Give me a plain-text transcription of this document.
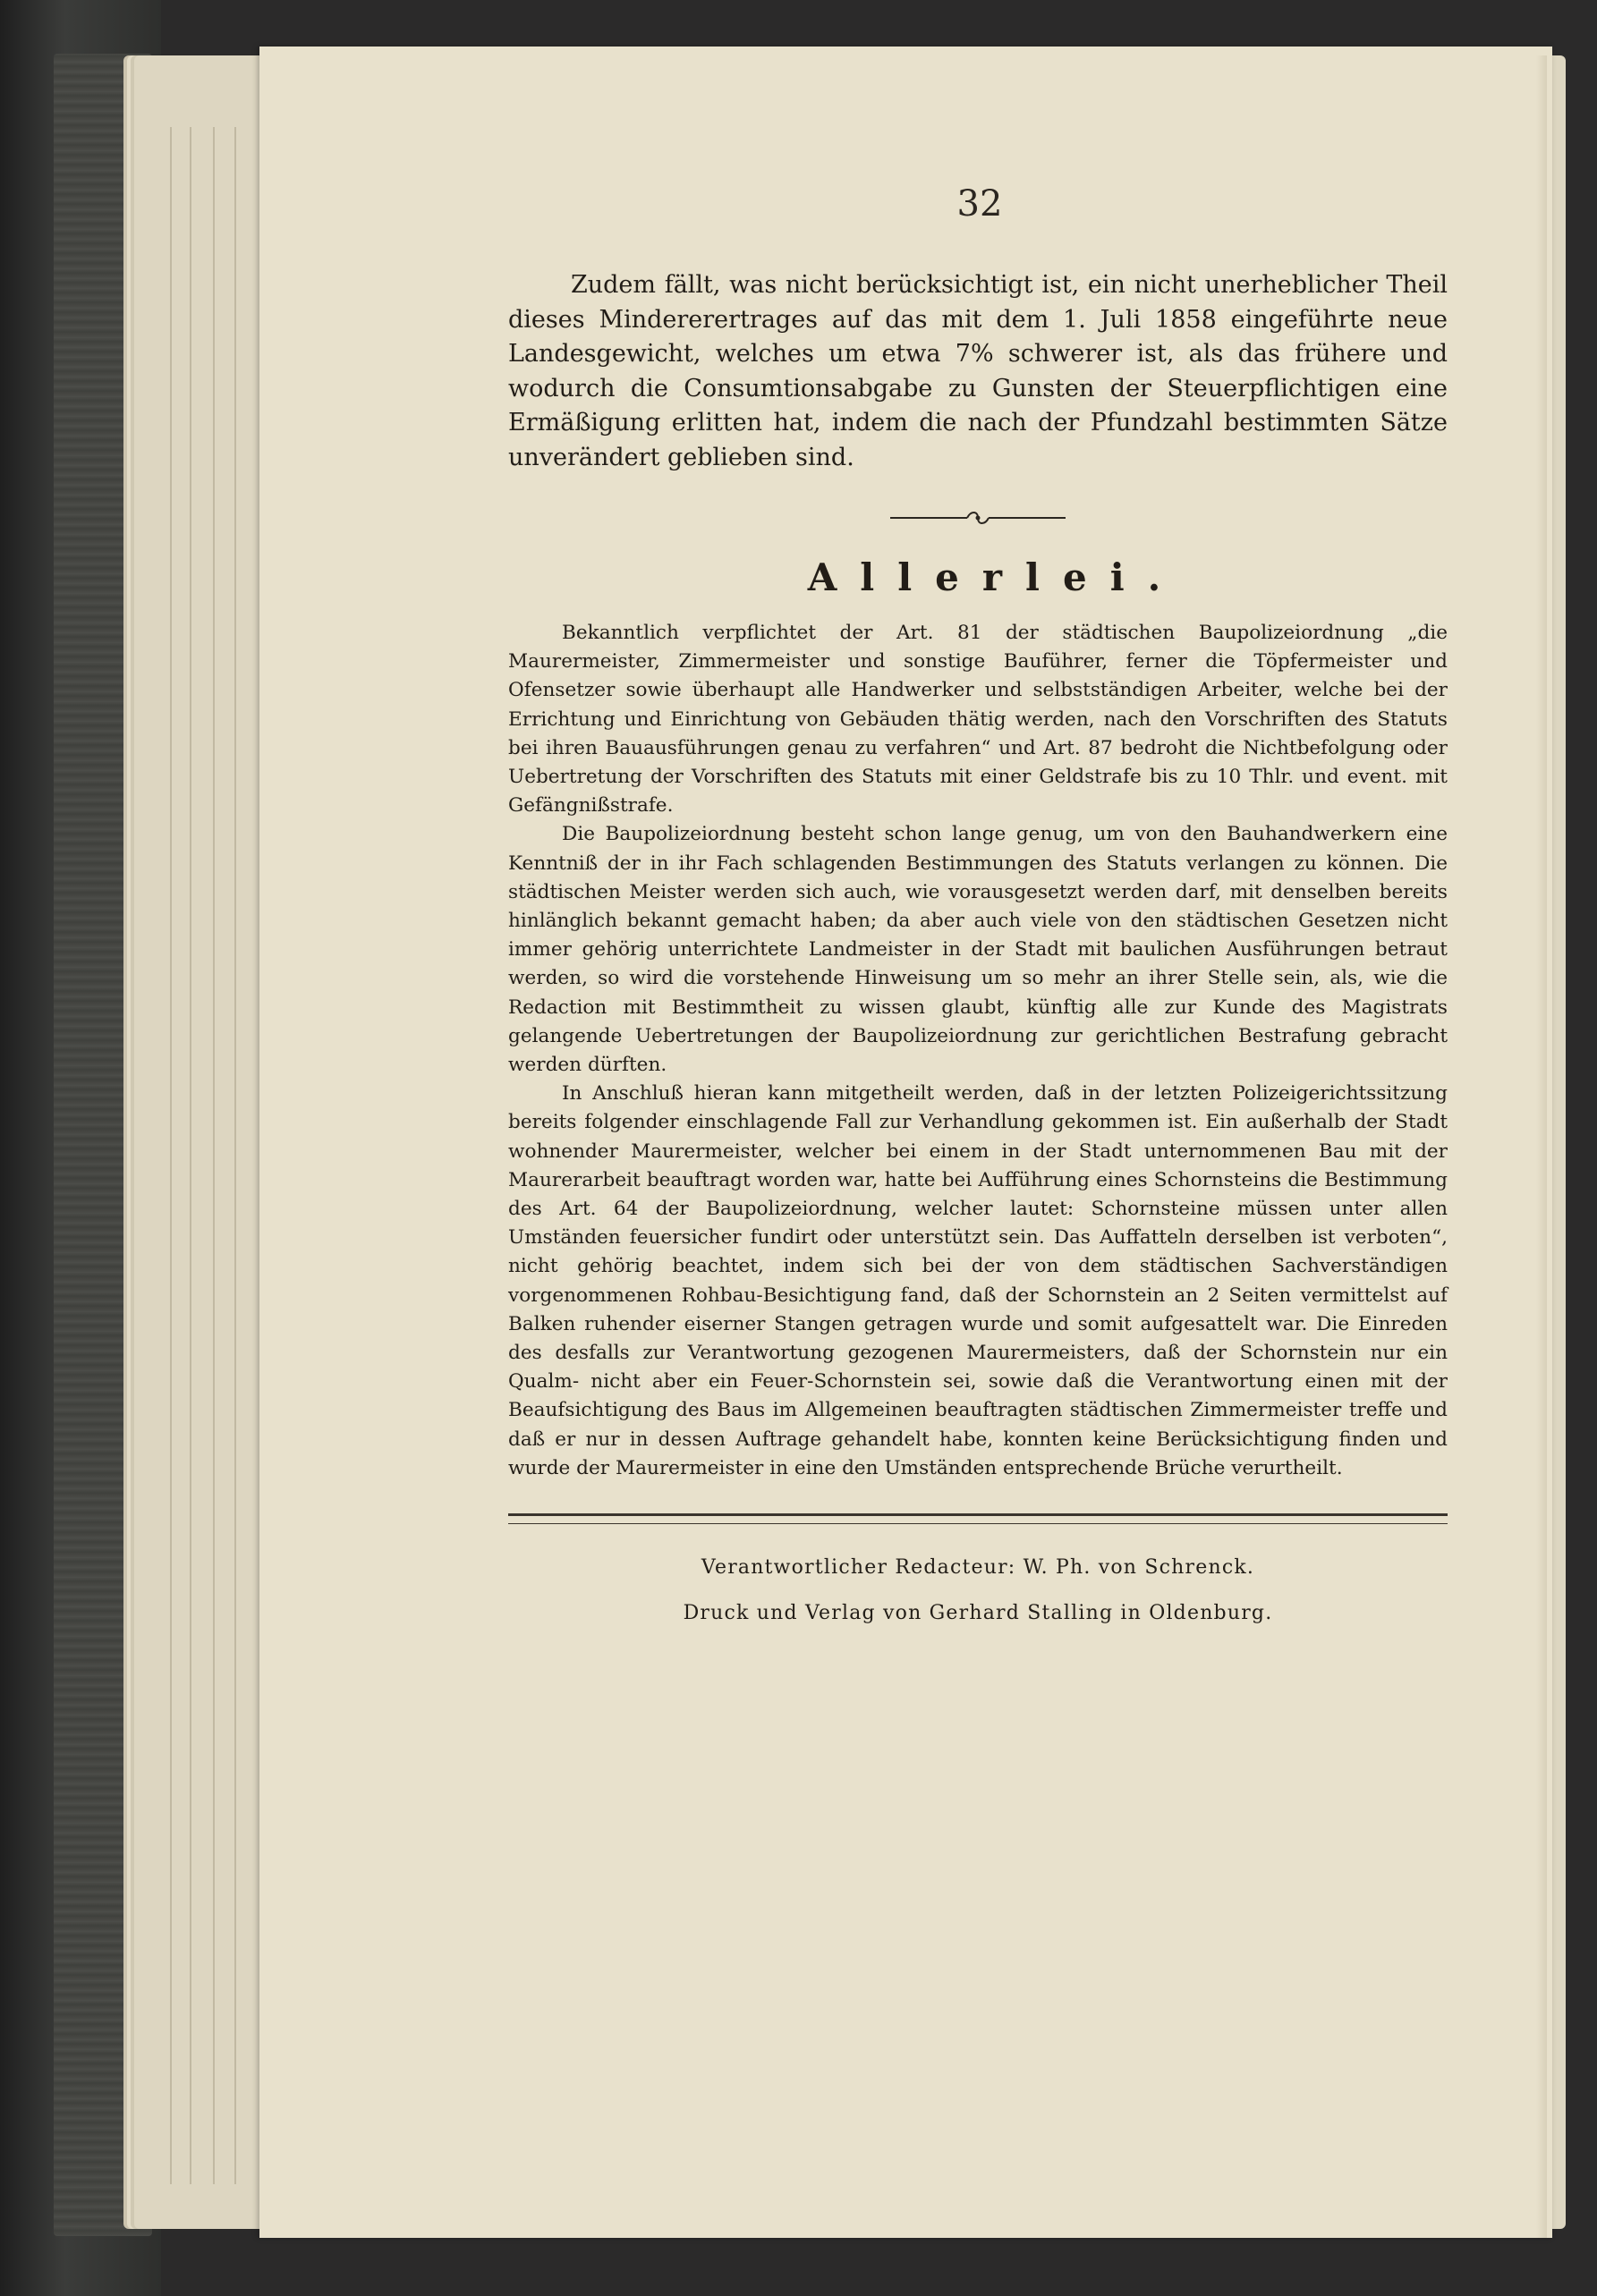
32

Zudem fällt, was nicht berücksichtigt ist, ein nicht unerheblicher Theil dieses Mindererertrages auf das mit dem 1. Juli 1858 eingeführte neue Landesgewicht, welches um etwa 7% schwerer ist, als das frühere und wodurch die Consumtionsabgabe zu Gunsten der Steuerpflichtigen eine Ermäßigung erlitten hat, indem die nach der Pfundzahl bestimmten Sätze unverändert geblieben sind.

Allerlei.

Bekanntlich verpflichtet der Art. 81 der städtischen Baupolizeiordnung „die Maurermeister, Zimmermeister und sonstige Bauführer, ferner die Töpfermeister und Ofensetzer sowie überhaupt alle Handwerker und selbstständigen Arbeiter, welche bei der Errichtung und Einrichtung von Gebäuden thätig werden, nach den Vorschriften des Statuts bei ihren Bauausführungen genau zu verfahren“ und Art. 87 bedroht die Nichtbefolgung oder Uebertretung der Vorschriften des Statuts mit einer Geldstrafe bis zu 10 Thlr. und event. mit Gefängnißstrafe.

Die Baupolizeiordnung besteht schon lange genug, um von den Bauhandwerkern eine Kenntniß der in ihr Fach schlagenden Bestimmungen des Statuts verlangen zu können. Die städtischen Meister werden sich auch, wie vorausgesetzt werden darf, mit denselben bereits hinlänglich bekannt gemacht haben; da aber auch viele von den städtischen Gesetzen nicht immer gehörig unterrichtete Landmeister in der Stadt mit baulichen Ausführungen betraut werden, so wird die vorstehende Hinweisung um so mehr an ihrer Stelle sein, als, wie die Redaction mit Bestimmtheit zu wissen glaubt, künftig alle zur Kunde des Magistrats gelangende Uebertretungen der Baupolizeiordnung zur gerichtlichen Bestrafung gebracht werden dürften.

In Anschluß hieran kann mitgetheilt werden, daß in der letzten Polizeigerichtssitzung bereits folgender einschlagende Fall zur Verhandlung gekommen ist. Ein außerhalb der Stadt wohnender Maurermeister, welcher bei einem in der Stadt unternommenen Bau mit der Maurerarbeit beauftragt worden war, hatte bei Aufführung eines Schornsteins die Bestimmung des Art. 64 der Baupolizeiordnung, welcher lautet: Schornsteine müssen unter allen Umständen feuersicher fundirt oder unterstützt sein. Das Auffatteln derselben ist verboten“, nicht gehörig beachtet, indem sich bei der von dem städtischen Sachverständigen vorgenommenen Rohbau-Besichtigung fand, daß der Schornstein an 2 Seiten vermittelst auf Balken ruhender eiserner Stangen getragen wurde und somit aufgesattelt war. Die Einreden des desfalls zur Verantwortung gezogenen Maurermeisters, daß der Schornstein nur ein Qualm- nicht aber ein Feuer-Schornstein sei, sowie daß die Verantwortung einen mit der Beaufsichtigung des Baus im Allgemeinen beauftragten städtischen Zimmermeister treffe und daß er nur in dessen Auftrage gehandelt habe, konnten keine Berücksichtigung finden und wurde der Maurermeister in eine den Umständen entsprechende Brüche verurtheilt.

Verantwortlicher Redacteur: W. Ph. von Schrenck.

Druck und Verlag von Gerhard Stalling in Oldenburg.
